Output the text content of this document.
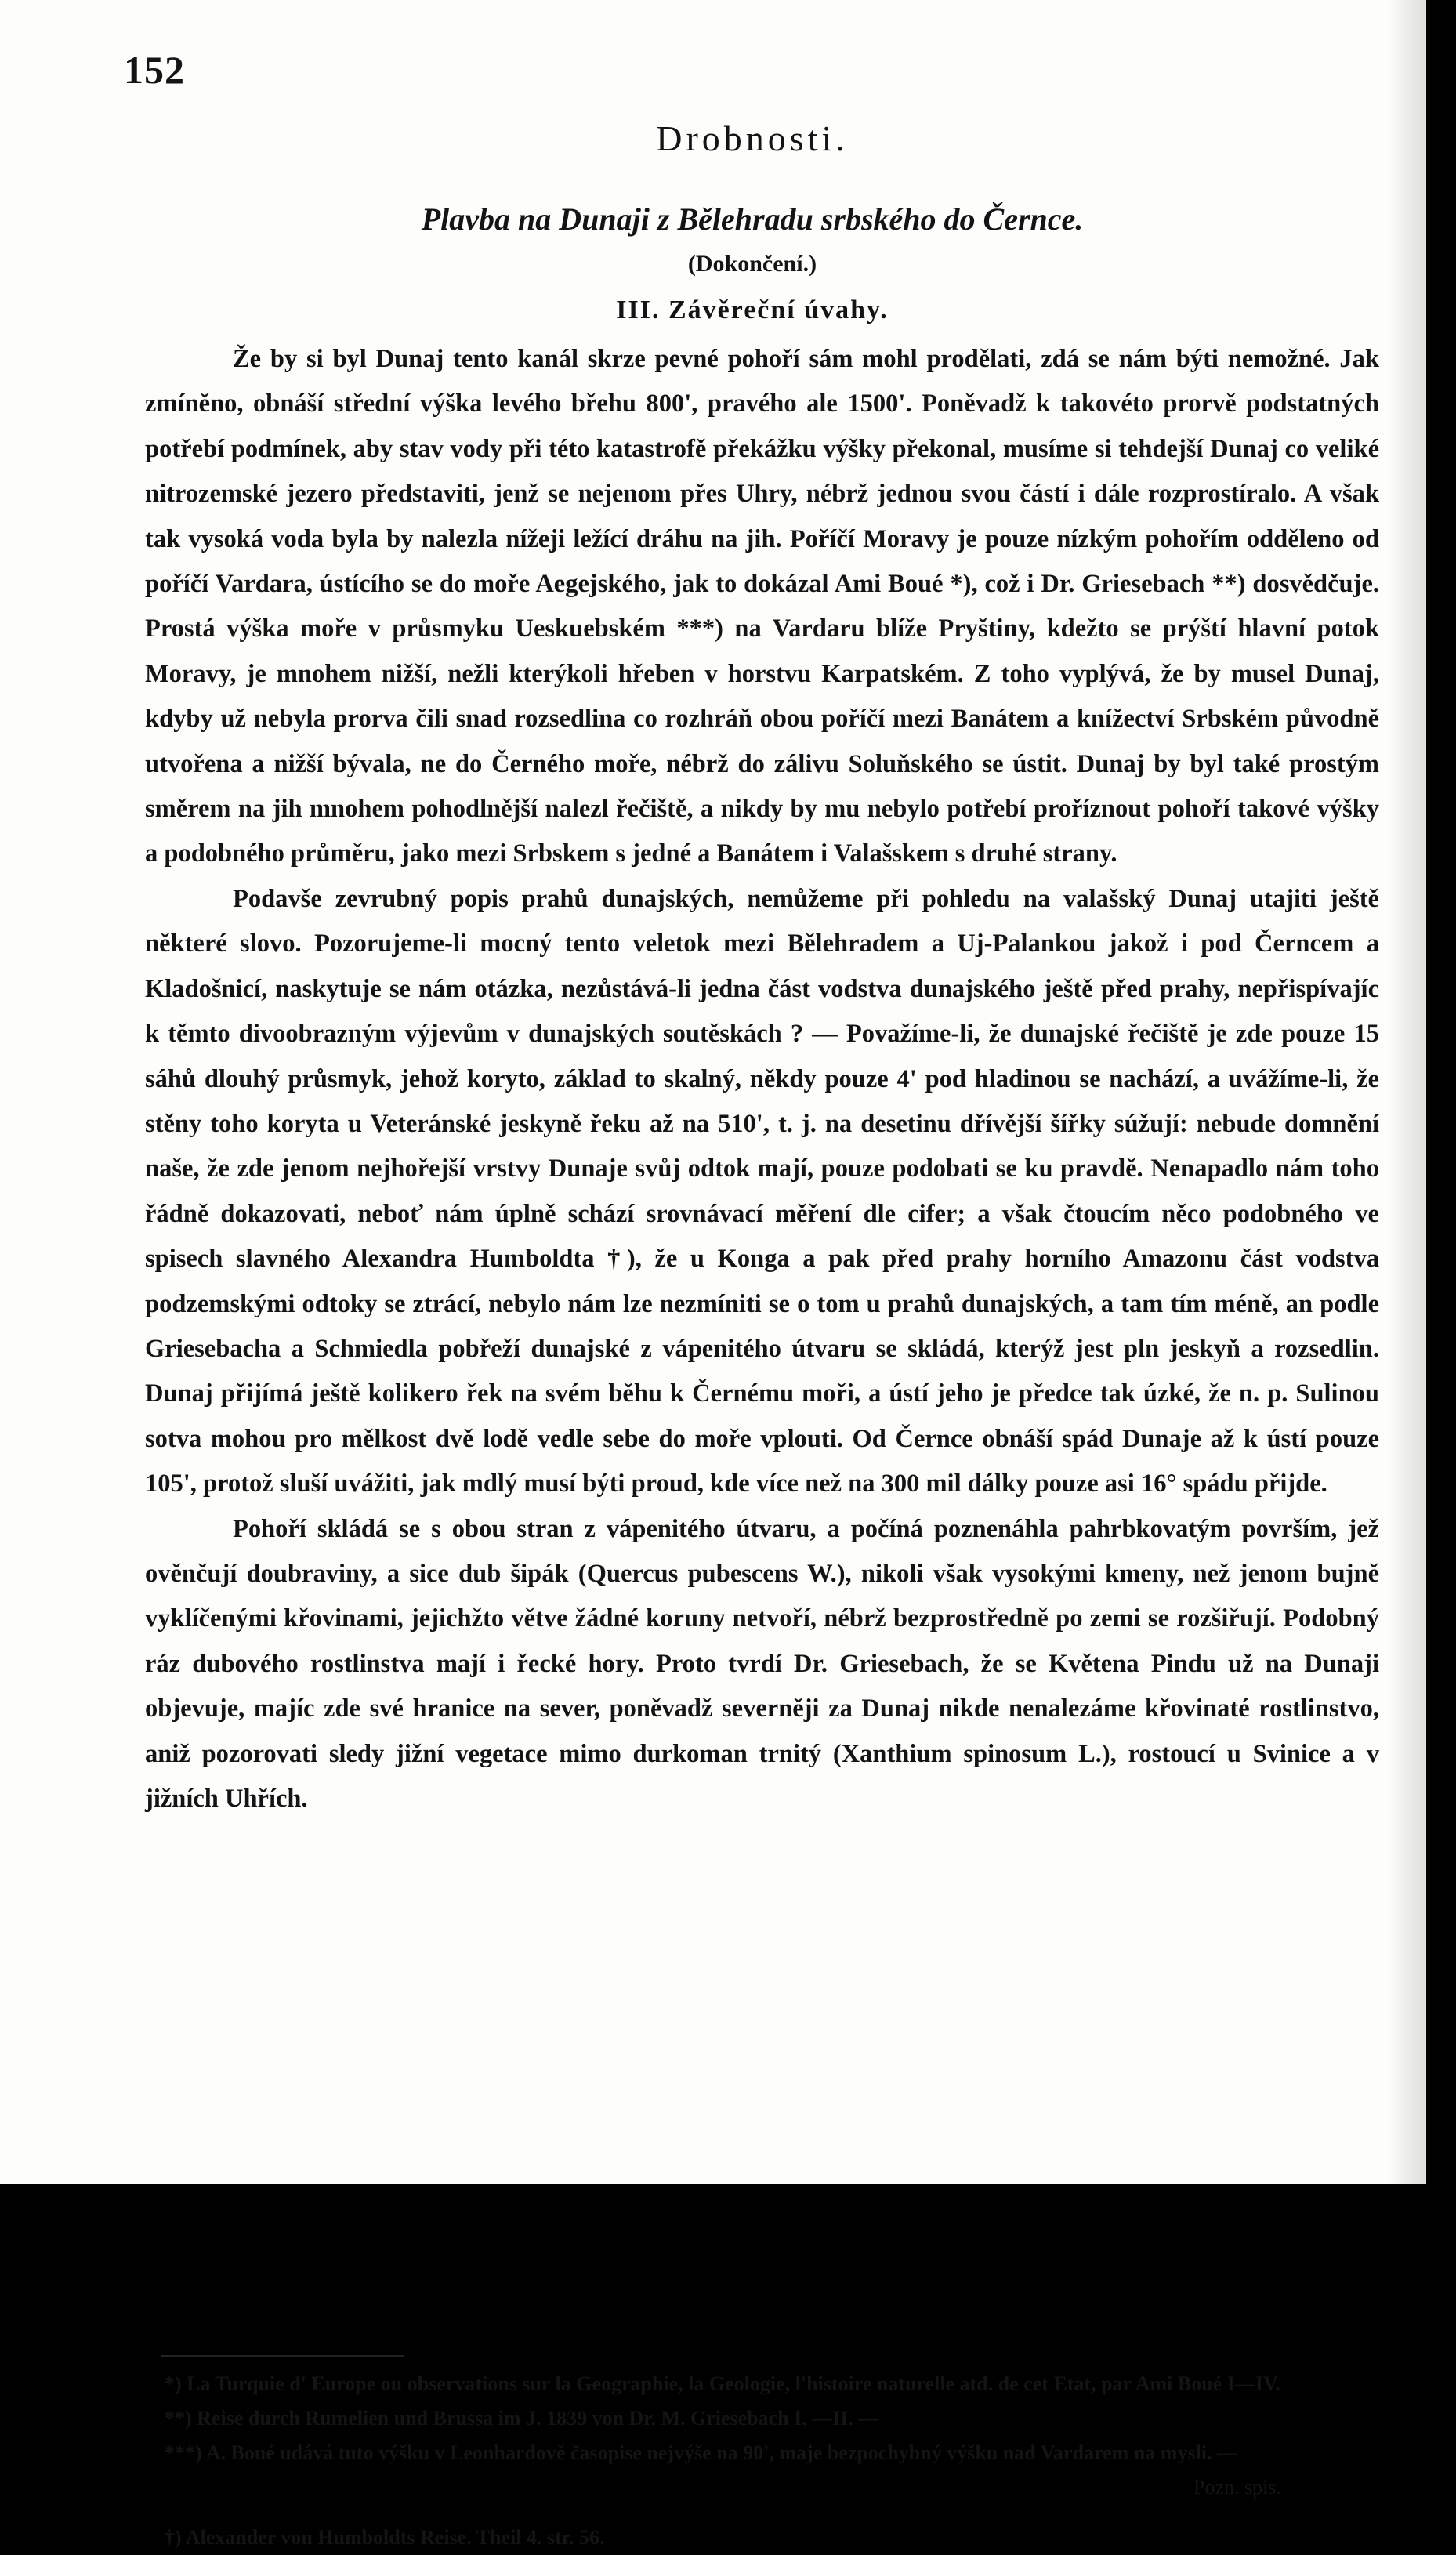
152
Drobnosti.
Plavba na Dunaji z Bělehradu srbského do Černce.
(Dokončení.)
III. Závěreční úvahy.

Že by si byl Dunaj tento kanál skrze pevné pohoří sám mohl prodělati, zdá se nám býti nemožné. Jak zmíněno, obnáší střední výška levého břehu 800', pravého ale 1500'. Poněvadž k takovéto prorvě podstatných potřebí podmínek, aby stav vody při této katastrofě překážku výšky překonal, musíme si tehdejší Dunaj co veliké nitrozemské jezero představiti, jenž se nejenom přes Uhry, nébrž jednou svou částí i dále rozprostíralo. A však tak vysoká voda byla by nalezla nížeji ležící dráhu na jih. Poříčí Moravy je pouze nízkým pohořím odděleno od poříčí Vardara, ústícího se do moře Aegejského, jak to dokázal Ami Boué *), což i Dr. Griesebach **) dosvědčuje. Prostá výška moře v průsmyku Ueskuebském ***) na Vardaru blíže Pryštiny, kdežto se prýští hlavní potok Moravy, je mnohem nižší, nežli kterýkoli hřeben v horstvu Karpatském. Z toho vyplývá, že by musel Dunaj, kdyby už nebyla prorva čili snad rozsedlina co rozhráň obou poříčí mezi Banátem a knížectví Srbském původně utvořena a nižší bývala, ne do Černého moře, nébrž do zálivu Soluňského se ústit. Dunaj by byl také prostým směrem na jih mnohem pohodlnější nalezl řečiště, a nikdy by mu nebylo potřebí proříznout pohoří takové výšky a podobného průměru, jako mezi Srbskem s jedné a Banátem i Valašskem s druhé strany.

Podavše zevrubný popis prahů dunajských, nemůžeme při pohledu na valašský Dunaj utajiti ještě některé slovo. Pozorujeme-li mocný tento veletok mezi Bělehradem a Uj-Palankou jakož i pod Černcem a Kladošnicí, naskytuje se nám otázka, nezůstává-li jedna část vodstva dunajského ještě před prahy, nepřispívajíc k těmto divoobrazným výjevům v dunajských soutěskách ? — Považíme-li, že dunajské řečiště je zde pouze 15 sáhů dlouhý průsmyk, jehož koryto, základ to skalný, někdy pouze 4' pod hladinou se nachází, a uvážíme-li, že stěny toho koryta u Veteránské jeskyně řeku až na 510', t. j. na desetinu dřívější šířky súžují: nebude domnění naše, že zde jenom nejhořejší vrstvy Dunaje svůj odtok mají, pouze podobati se ku pravdě. Nenapadlo nám toho řádně dokazovati, neboť nám úplně schází srovnávací měření dle cifer; a však čtoucím něco podobného ve spisech slavného Alexandra Humboldta †), že u Konga a pak před prahy horního Amazonu část vodstva podzemskými odtoky se ztrácí, nebylo nám lze nezmíniti se o tom u prahů dunajských, a tam tím méně, an podle Griesebacha a Schmiedla pobřeží dunajské z vápenitého útvaru se skládá, kterýž jest pln jeskyň a rozsedlin. Dunaj přijímá ještě kolikero řek na svém běhu k Černému moři, a ústí jeho je předce tak úzké, že n. p. Sulinou sotva mohou pro mělkost dvě lodě vedle sebe do moře vplouti. Od Černce obnáší spád Dunaje až k ústí pouze 105', protož sluší uvážiti, jak mdlý musí býti proud, kde více než na 300 mil dálky pouze asi 16° spádu přijde.

Pohoří skládá se s obou stran z vápenitého útvaru, a počíná poznenáhla pahrbkovatým površím, jež ověnčují doubraviny, a sice dub šipák (Quercus pubescens W.), nikoli však vysokými kmeny, než jenom bujně vyklíčenými křovinami, jejichžto větve žádné koruny netvoří, nébrž bezprostředně po zemi se rozšiřují. Podobný ráz dubového rostlinstva mají i řecké hory. Proto tvrdí Dr. Griesebach, že se Květena Pindu už na Dunaji objevuje, majíc zde své hranice na sever, poněvadž severněji za Dunaj nikde nenalezáme křovinaté rostlinstvo, aniž pozorovati sledy jižní vegetace mimo durkoman trnitý (Xanthium spinosum L.), rostoucí u Svinice a v jižních Uhřích.

*) La Turquie d' Europe ou observations sur la Geographie, la Geologie, l'histoire naturelle atd. de cet Etat, par Ami Boué I—IV.

**) Reise durch Rumelien und Brussa im J. 1839 von Dr. M. Griesebach I. —II. —

***) A. Boué udává tuto výšku v Leonhardově časopise nejvýše na 90', maje bezpochybný výšku nad Vardarem na mysli. —

Pozn. spis.

†) Alexander von Humboldts Reise. Theil 4. str. 56.
